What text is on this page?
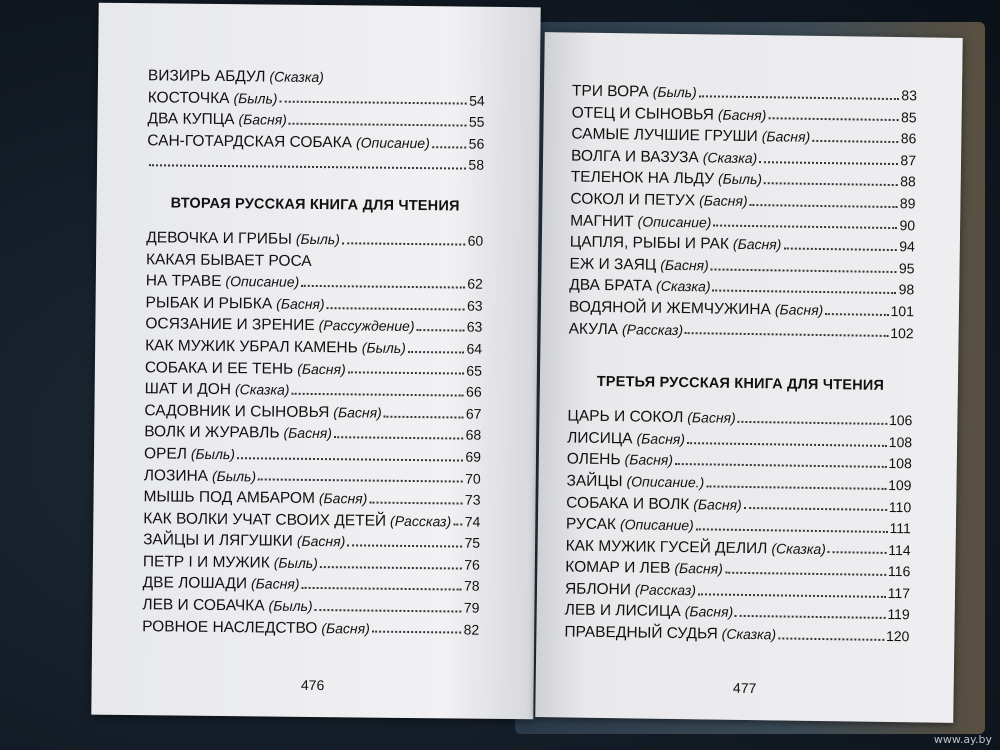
ВИЗИРЬ АБДУЛ (Сказка)
КОСТОЧКА (Быль)	54
ДВА КУПЦА (Басня)	55
САН-ГОТАРДСКАЯ СОБАКА (Описание)	56
58
ВТОРАЯ РУССКАЯ КНИГА ДЛЯ ЧТЕНИЯ
ДЕВОЧКА И ГРИБЫ (Быль)	60
КАКАЯ БЫВАЕТ РОСА
НА ТРАВЕ (Описание)	62
РЫБАК И РЫБКА (Басня)	63
ОСЯЗАНИЕ И ЗРЕНИЕ (Рассуждение)	63
КАК МУЖИК УБРАЛ КАМЕНЬ (Быль)	64
СОБАКА И ЕЕ ТЕНЬ (Басня)	65
ШАТ И ДОН (Сказка)	66
САДОВНИК И СЫНОВЬЯ (Басня)	67
ВОЛК И ЖУРАВЛЬ (Басня)	68
ОРЕЛ (Быль)	69
ЛОЗИНА (Быль)	70
МЫШЬ ПОД АМБАРОМ (Басня)	73
КАК ВОЛКИ УЧАТ СВОИХ ДЕТЕЙ (Рассказ) 74
ЗАЙЦЫ И ЛЯГУШКИ (Басня)	75
ПЕТР I И МУЖИК (Быль)	76
ДВЕ ЛОШАДИ (Басня)	78
ЛЕВ И СОБАЧКА (Быль)	79
РОВНОЕ НАСЛЕДСТВО (Басня)	82
476
ТРИ ВОРА (Быль)	83
ОТЕЦ И СЫНОВЬЯ (Басня)	85
САМЫЕ ЛУЧШИЕ ГРУШИ (Басня)	86
ВОЛГА И ВАЗУЗА (Сказка)	87
ТЕЛЕНОК НА ЛЬДУ (Быль)	88
СОКОЛ И ПЕТУХ (Басня)	89
МАГНИТ (Описание)	90
ЦАПЛЯ, РЫБЫ И РАК (Басня)	94
ЕЖ И ЗАЯЦ (Басня)	95
ДВА БРАТА (Сказка)	98
ВОДЯНОЙ И ЖЕМЧУЖИНА (Басня)	101
АКУЛА (Рассказ)	102
ТРЕТЬЯ РУССКАЯ КНИГА ДЛЯ ЧТЕНИЯ
ЦАРЬ И СОКОЛ (Басня)	106
ЛИСИЦА (Басня)	108
ОЛЕНЬ (Басня)	108
ЗАЙЦЫ (Описание.)	109
СОБАКА И ВОЛК (Басня)	110
РУСАК (Описание)	111
КАК МУЖИК ГУСЕЙ ДЕЛИЛ (Сказка)	114
КОМАР И ЛЕВ (Басня)	116
ЯБЛОНИ (Рассказ)	117
ЛЕВ И ЛИСИЦА (Басня)	119
ПРАВЕДНЫЙ СУДЬЯ (Сказка)	120
477
www.ay.by
